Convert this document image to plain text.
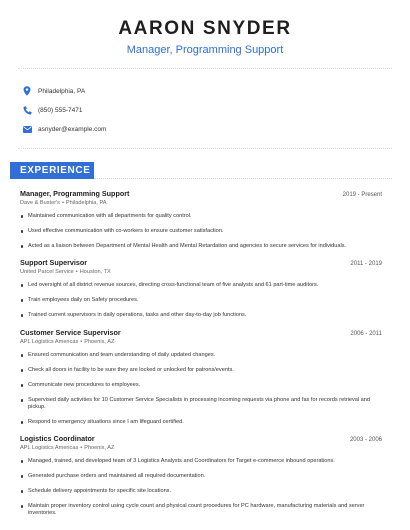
AARON SNYDER
Manager, Programming Support
Philadelphia, PA
(850) 555-7471
asnyder@example.com
EXPERIENCE
Manager, Programming Support	2019 - Present
Dave & Buster's • Philadelphia, PA
Maintained communication with all departments for quality control.
Used effective communication with co-workers to ensure customer satisfaction.
Acted as a liaison between Department of Mental Health and Mental Retardation and agencies to secure services for individuals.
Support Supervisor	2011 - 2019
United Parcel Service • Houston, TX
Led oversight of all district revenue sources, directing cross-functional team of five analysts and 61 part-time auditors.
Train employees daily on Safety procedures.
Trained current supervisors in daily operations, tasks and other day-to-day job functions.
Customer Service Supervisor	2006 - 2011
APL Logistics Americas • Phoenix, AZ
Ensured communication and team understanding of daily updated changes.
Check all doors in facility to be sure they are locked or unlocked for patrons/events.
Communicate new procedures to employees.
Supervised daily activities for 10 Customer Service Specialists in processing incoming requests via phone and fax for records retrieval and pickup.
Respond to emergency situations since I am lifeguard certified.
Logistics Coordinator	2003 - 2006
APL Logistics Americas • Phoenix, AZ
Managed, trained, and developed team of 3 Logistics Analysts and Coordinators for Target e-commerce inbound operations.
Generated purchase orders and maintained all required documentation.
Schedule delivery appointments for specific site locations.
Maintain proper inventory control using cycle count and physical count procedures for PC hardware, manufacturing materials and server inventories.
